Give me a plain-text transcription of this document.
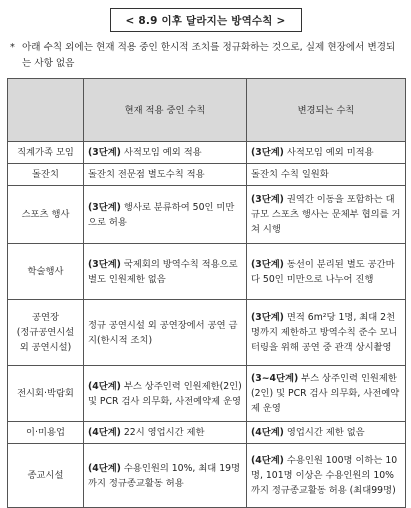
< 8.9 이후 달라지는 방역수칙 >
* 아래 수칙 외에는 현재 적용 중인 한시적 조치를 정규화하는 것으로, 실제 현장에서 변경되는 사항 없음
	현재 적용 중인 수칙	변경되는 수칙
직계가족 모임	(3단계) 사적모임 예외 적용	(3단계) 사적모임 예외 미적용
돌잔치	돌잔치 전문점 별도수칙 적용	돌잔치 수칙 일원화
스포츠 행사	(3단계) 행사로 분류하여 50인 미만으로 허용	(3단계) 권역간 이동을 포함하는 대규모 스포츠 행사는 문체부 협의를 거쳐 시행
학술행사	(3단계) 국제회의 방역수칙 적용으로 별도 인원제한 없음	(3단계) 동선이 분리된 별도 공간마다 50인 미만으로 나누어 진행
공연장
(정규공연시설
외 공연시설)	정규 공연시설 외 공연장에서 공연 금지(한시적 조치)	(3단계) 면적 6m²당 1명, 최대 2천명까지 제한하고 방역수칙 준수 모니터링을 위해 공연 중 관객 상시촬영
전시회·박람회	(4단계) 부스 상주인력 인원제한(2인) 및 PCR 검사 의무화, 사전예약제 운영	(3~4단계) 부스 상주인력 인원제한(2인) 및 PCR 검사 의무화, 사전예약제 운영
이·미용업	(4단계) 22시 영업시간 제한	(4단계) 영업시간 제한 없음
종교시설	(4단계) 수용인원의 10%, 최대 19명까지 정규종교활동 허용	(4단계) 수용인원 100명 이하는 10명, 101명 이상은 수용인원의 10%까지 정규종교활동 허용 (최대99명)
